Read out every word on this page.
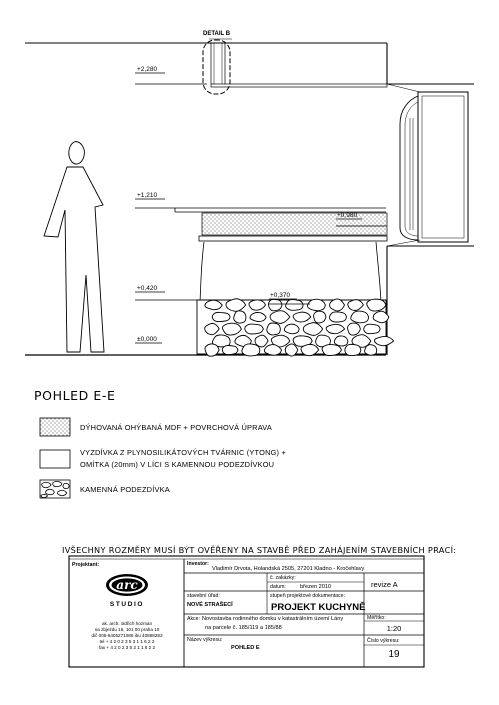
DETAIL B
+2,280
+1,210
+0,980
+0,420
+0,370
±0,000
POHLED E-E
DÝHOVANÁ OHÝBANÁ MDF + POVRCHOVÁ ÚPRAVA
VYZDÍVKA Z PLYNOSILIKÁTOVÝCH TVÁRNIC (YTONG) +
OMÍTKA (20mm) V LÍCI S KAMENNOU PODEZDÍVKOU
KAMENNÁ PODEZDÍVKA
IVŠECHNY ROZMĚRY MUSÍ BÝT OVĚŘENY NA STAVBĚ PŘED ZAHÁJENÍM STAVEBNÍCH PRACÍ:
Projektant:
arc
STUDIO
ak. arch. oldřich hozman
na zbjezdu 16, 101 00 praha 10
dič 005-6405271086 ibu 40868283
tel + 4 2 0 2 3 5 3 1 1 6 2 2
fax + 4 2 0 2 3 5 3 1 1 6 2 2
Investor:
Vladimír Drvota, Holandská 2505, 27201 Kladno - Kročehlavy
č. zakázky:
datum:	březen 2010	revize A
stavební úřad:
NOVÉ STRAŠECÍ
stupeň projektové dokumentace:
PROJEKT KUCHYNĚ
Akce: Novostavba rodinného domku v katastrálním území Lány
na parcele č. 185/119 a 185/88
Měřítko:
1:20
Název výkresu:
POHLED E
Číslo výkresu:
19
